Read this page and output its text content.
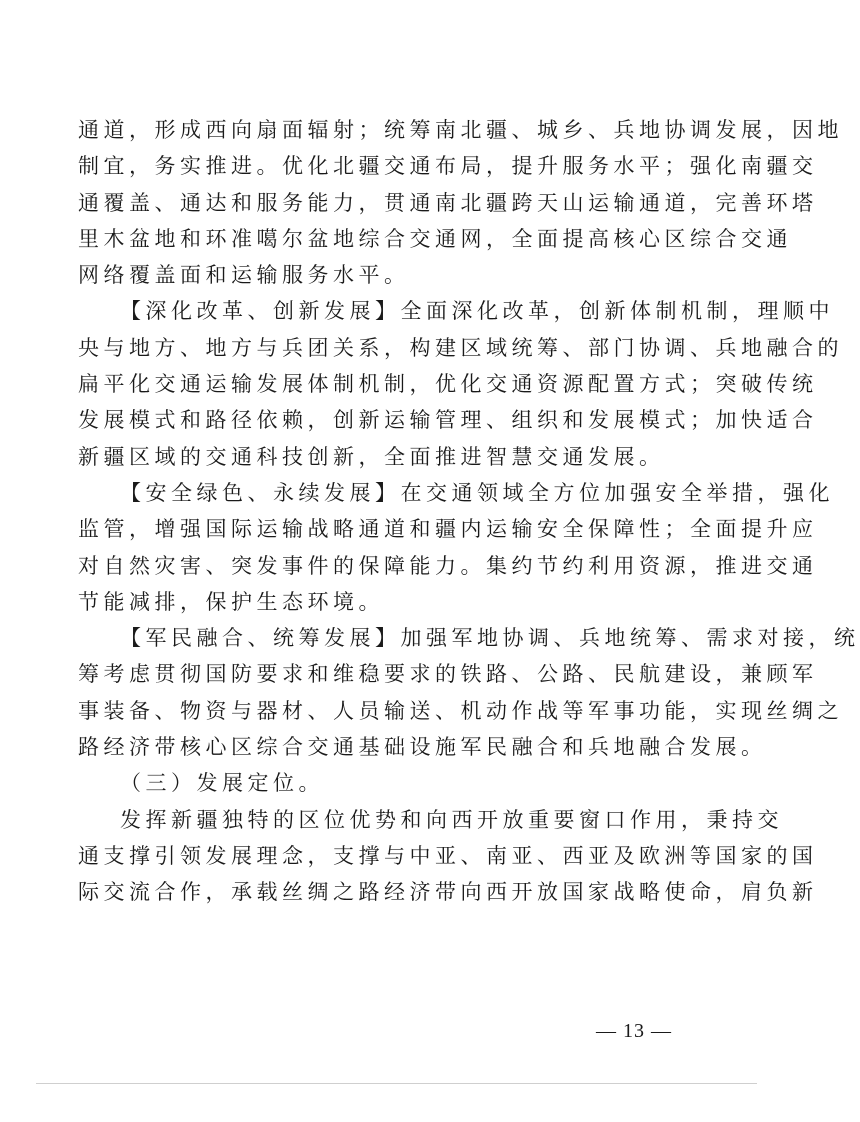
通道，形成西向扇面辐射；统筹南北疆、城乡、兵地协调发展，因地
制宜，务实推进。优化北疆交通布局，提升服务水平；强化南疆交
通覆盖、通达和服务能力，贯通南北疆跨天山运输通道，完善环塔
里木盆地和环准噶尔盆地综合交通网，全面提高核心区综合交通
网络覆盖面和运输服务水平。
【深化改革、创新发展】全面深化改革，创新体制机制，理顺中
央与地方、地方与兵团关系，构建区域统筹、部门协调、兵地融合的
扁平化交通运输发展体制机制，优化交通资源配置方式；突破传统
发展模式和路径依赖，创新运输管理、组织和发展模式；加快适合
新疆区域的交通科技创新，全面推进智慧交通发展。
【安全绿色、永续发展】在交通领域全方位加强安全举措，强化
监管，增强国际运输战略通道和疆内运输安全保障性；全面提升应
对自然灾害、突发事件的保障能力。集约节约利用资源，推进交通
节能减排，保护生态环境。
【军民融合、统筹发展】加强军地协调、兵地统筹、需求对接，统
筹考虑贯彻国防要求和维稳要求的铁路、公路、民航建设，兼顾军
事装备、物资与器材、人员输送、机动作战等军事功能，实现丝绸之
路经济带核心区综合交通基础设施军民融合和兵地融合发展。
（三）发展定位。
发挥新疆独特的区位优势和向西开放重要窗口作用，秉持交
通支撑引领发展理念，支撑与中亚、南亚、西亚及欧洲等国家的国
际交流合作，承载丝绸之路经济带向西开放国家战略使命，肩负新
— 13 —
